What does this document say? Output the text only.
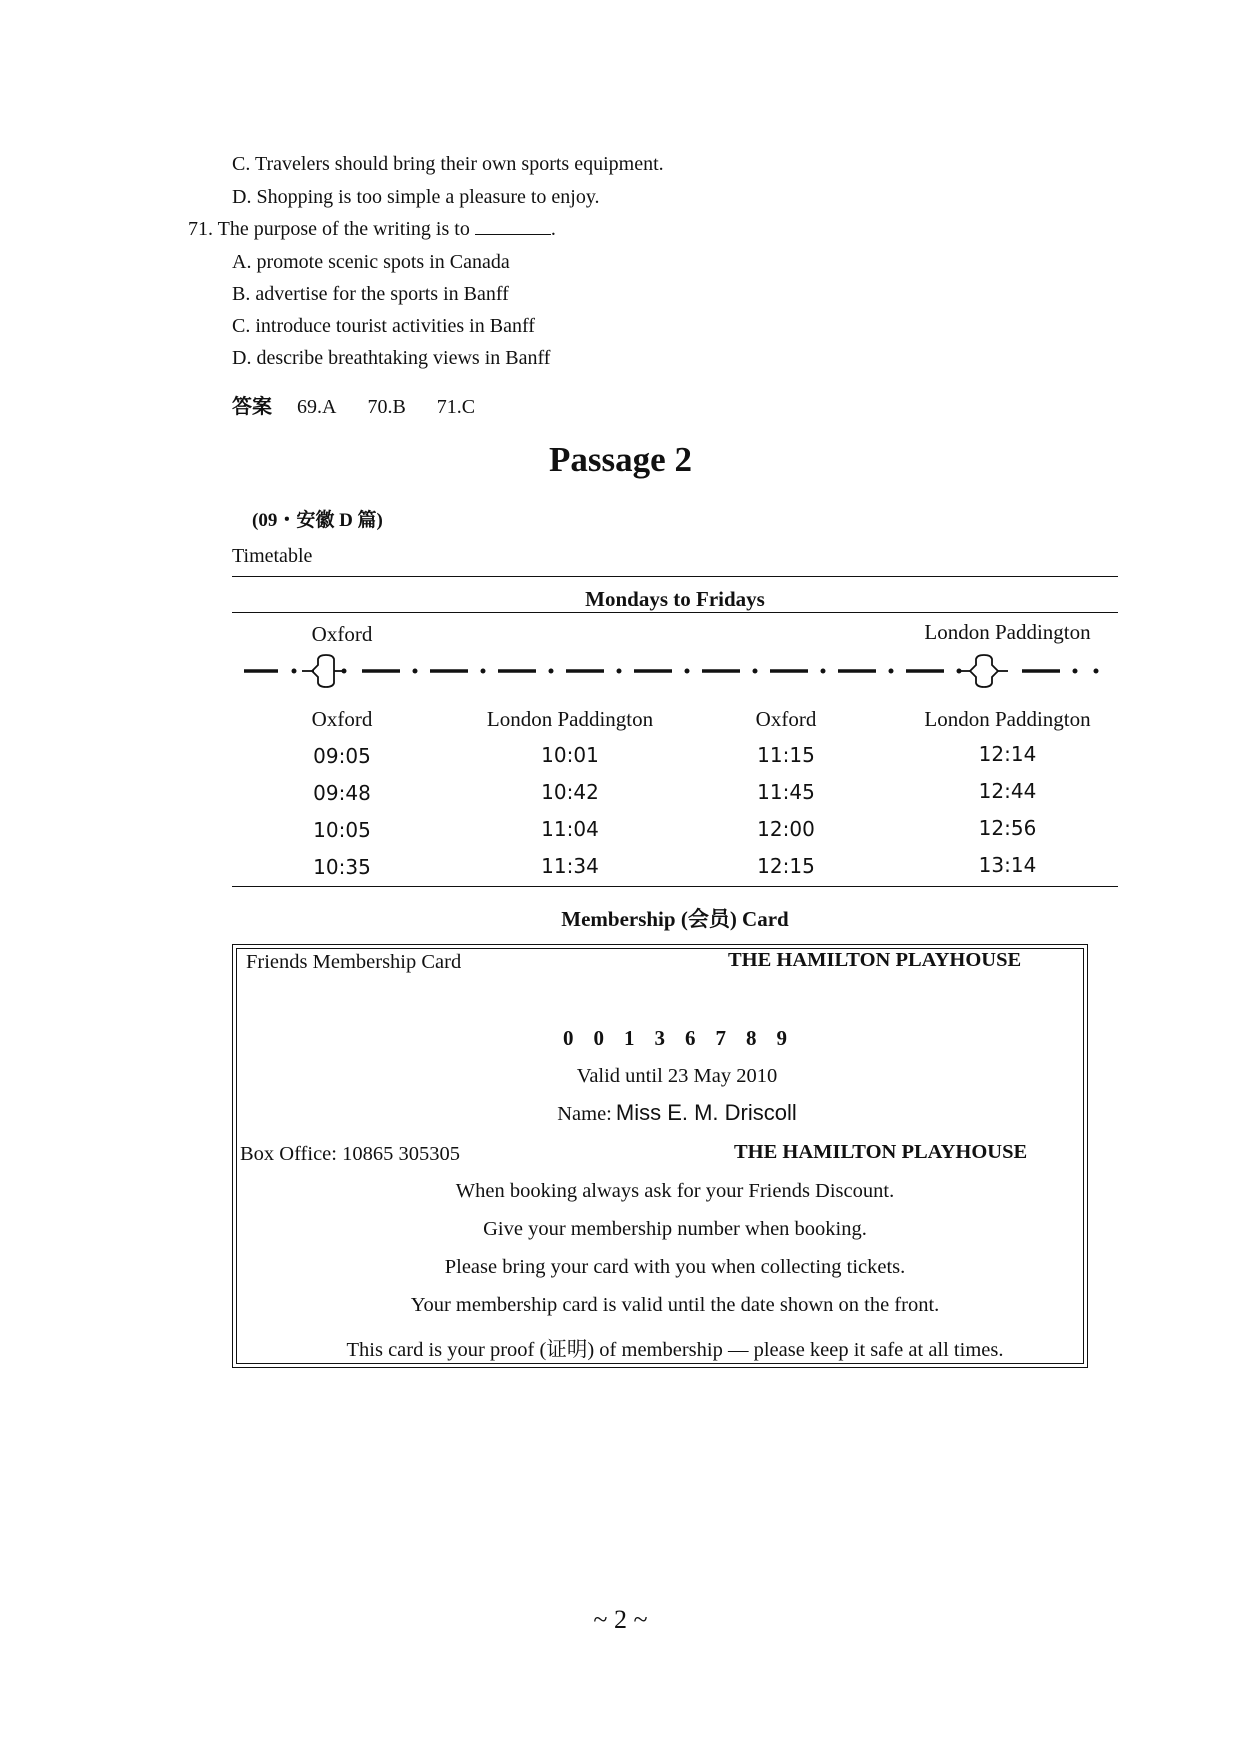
C. Travelers should bring their own sports equipment.
D. Shopping is too simple a pleasure to enjoy.
71. The purpose of the writing is to	.
A. promote scenic spots in Canada
B. advertise for the sports in Banff
C. introduce tourist activities in Banff
D. describe breathtaking views in Banff
答案 69.A 70.B 71.C
Passage 2
(09・安徽 D 篇)
Timetable
Mondays to Fridays
Oxford	London Paddington
Oxford	London Paddington	Oxford	London Paddington
09:05	10:01	11:15	12:14
09:48	10:42	11:45	12:44
10:05	11:04	12:00	12:56
10:35	11:34	12:15	13:14
Membership (会员) Card
Friends Membership Card	THE HAMILTON PLAYHOUSE
00136789
Valid until 23 May 2010
Name: Miss E. M. Driscoll
Box Office: 10865 305305	THE HAMILTON PLAYHOUSE
When booking always ask for your Friends Discount.
Give your membership number when booking.
Please bring your card with you when collecting tickets.
Your membership card is valid until the date shown on the front.
This card is your proof (证明) of membership — please keep it safe at all times.
~ 2 ~
